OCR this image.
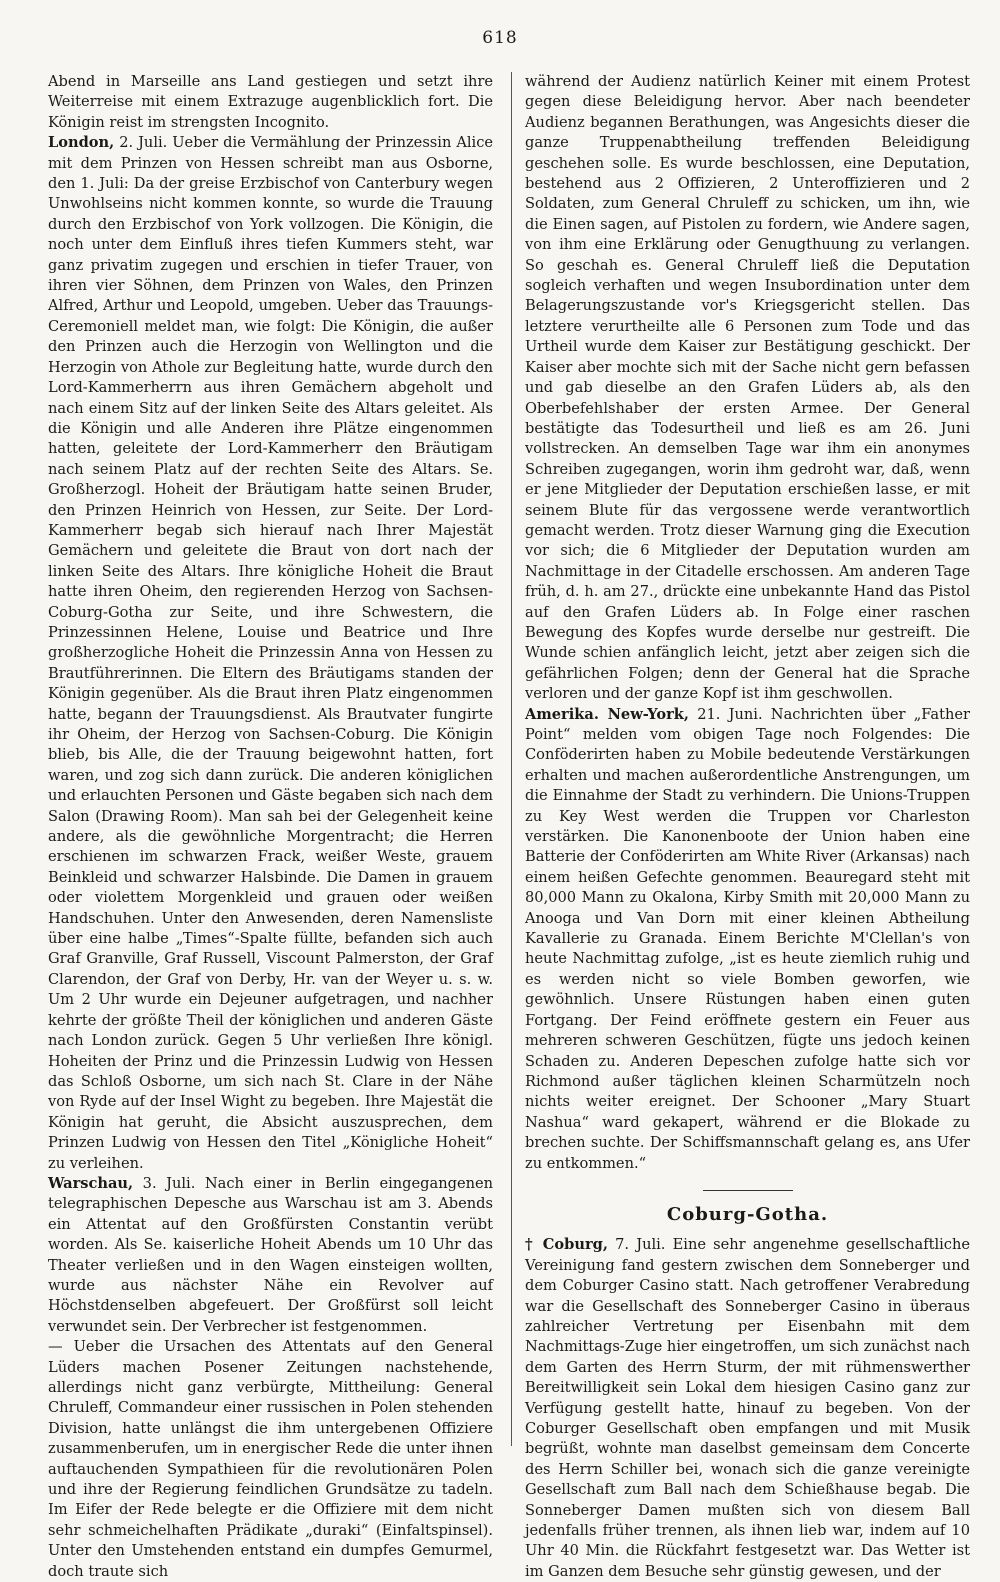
618

Abend in Marseille ans Land gestiegen und setzt ihre Weiterreise mit einem Extrazuge augenblicklich fort. Die Königin reist im strengsten Incognito.

London, 2. Juli. Ueber die Vermählung der Prinzessin Alice mit dem Prinzen von Hessen schreibt man aus Osborne, den 1. Juli: Da der greise Erzbischof von Canterbury wegen Unwohlseins nicht kommen konnte, so wurde die Trauung durch den Erzbischof von York vollzogen. Die Königin, die noch unter dem Einfluß ihres tiefen Kummers steht, war ganz privatim zugegen und erschien in tiefer Trauer, von ihren vier Söhnen, dem Prinzen von Wales, den Prinzen Alfred, Arthur und Leopold, umgeben. Ueber das Trauungs-Ceremoniell meldet man, wie folgt: Die Königin, die außer den Prinzen auch die Herzogin von Wellington und die Herzogin von Athole zur Begleitung hatte, wurde durch den Lord-Kammerherrn aus ihren Gemächern abgeholt und nach einem Sitz auf der linken Seite des Altars geleitet. Als die Königin und alle Anderen ihre Plätze eingenommen hatten, geleitete der Lord-Kammerherr den Bräutigam nach seinem Platz auf der rechten Seite des Altars. Se. Großherzogl. Hoheit der Bräutigam hatte seinen Bruder, den Prinzen Heinrich von Hessen, zur Seite. Der Lord-Kammerherr begab sich hierauf nach Ihrer Majestät Gemächern und geleitete die Braut von dort nach der linken Seite des Altars. Ihre königliche Hoheit die Braut hatte ihren Oheim, den regierenden Herzog von Sachsen-Coburg-Gotha zur Seite, und ihre Schwestern, die Prinzessinnen Helene, Louise und Beatrice und Ihre großherzogliche Hoheit die Prinzessin Anna von Hessen zu Brautführerinnen. Die Eltern des Bräutigams standen der Königin gegenüber. Als die Braut ihren Platz eingenommen hatte, begann der Trauungsdienst. Als Brautvater fungirte ihr Oheim, der Herzog von Sachsen-Coburg. Die Königin blieb, bis Alle, die der Trauung beigewohnt hatten, fort waren, und zog sich dann zurück. Die anderen königlichen und erlauchten Personen und Gäste begaben sich nach dem Salon (Drawing Room). Man sah bei der Gelegenheit keine andere, als die gewöhnliche Morgentracht; die Herren erschienen im schwarzen Frack, weißer Weste, grauem Beinkleid und schwarzer Halsbinde. Die Damen in grauem oder violettem Morgenkleid und grauen oder weißen Handschuhen. Unter den Anwesenden, deren Namensliste über eine halbe „Times“-Spalte füllte, befanden sich auch Graf Granville, Graf Russell, Viscount Palmerston, der Graf Clarendon, der Graf von Derby, Hr. van der Weyer u. s. w. Um 2 Uhr wurde ein Dejeuner aufgetragen, und nachher kehrte der größte Theil der königlichen und anderen Gäste nach London zurück. Gegen 5 Uhr verließen Ihre königl. Hoheiten der Prinz und die Prinzessin Ludwig von Hessen das Schloß Osborne, um sich nach St. Clare in der Nähe von Ryde auf der Insel Wight zu begeben. Ihre Majestät die Königin hat geruht, die Absicht auszusprechen, dem Prinzen Ludwig von Hessen den Titel „Königliche Hoheit“ zu verleihen.

Warschau, 3. Juli. Nach einer in Berlin eingegangenen telegraphischen Depesche aus Warschau ist am 3. Abends ein Attentat auf den Großfürsten Constantin verübt worden. Als Se. kaiserliche Hoheit Abends um 10 Uhr das Theater verließen und in den Wagen einsteigen wollten, wurde aus nächster Nähe ein Revolver auf Höchstdenselben abgefeuert. Der Großfürst soll leicht verwundet sein. Der Verbrecher ist festgenommen.

— Ueber die Ursachen des Attentats auf den General Lüders machen Posener Zeitungen nachstehende, allerdings nicht ganz verbürgte, Mittheilung: General Chruleff, Commandeur einer russischen in Polen stehenden Division, hatte unlängst die ihm untergebenen Offiziere zusammenberufen, um in energischer Rede die unter ihnen auftauchenden Sympathieen für die revolutionären Polen und ihre der Regierung feindlichen Grundsätze zu tadeln. Im Eifer der Rede belegte er die Offiziere mit dem nicht sehr schmeichelhaften Prädikate „duraki“ (Einfaltspinsel). Unter den Umstehenden entstand ein dumpfes Gemurmel, doch traute sich

während der Audienz natürlich Keiner mit einem Protest gegen diese Beleidigung hervor. Aber nach beendeter Audienz begannen Berathungen, was Angesichts dieser die ganze Truppenabtheilung treffenden Beleidigung geschehen solle. Es wurde beschlossen, eine Deputation, bestehend aus 2 Offizieren, 2 Unteroffizieren und 2 Soldaten, zum General Chruleff zu schicken, um ihn, wie die Einen sagen, auf Pistolen zu fordern, wie Andere sagen, von ihm eine Erklärung oder Genugthuung zu verlangen. So geschah es. General Chruleff ließ die Deputation sogleich verhaften und wegen Insubordination unter dem Belagerungszustande vor's Kriegsgericht stellen. Das letztere verurtheilte alle 6 Personen zum Tode und das Urtheil wurde dem Kaiser zur Bestätigung geschickt. Der Kaiser aber mochte sich mit der Sache nicht gern befassen und gab dieselbe an den Grafen Lüders ab, als den Oberbefehlshaber der ersten Armee. Der General bestätigte das Todesurtheil und ließ es am 26. Juni vollstrecken. An demselben Tage war ihm ein anonymes Schreiben zugegangen, worin ihm gedroht war, daß, wenn er jene Mitglieder der Deputation erschießen lasse, er mit seinem Blute für das vergossene werde verantwortlich gemacht werden. Trotz dieser Warnung ging die Execution vor sich; die 6 Mitglieder der Deputation wurden am Nachmittage in der Citadelle erschossen. Am anderen Tage früh, d. h. am 27., drückte eine unbekannte Hand das Pistol auf den Grafen Lüders ab. In Folge einer raschen Bewegung des Kopfes wurde derselbe nur gestreift. Die Wunde schien anfänglich leicht, jetzt aber zeigen sich die gefährlichen Folgen; denn der General hat die Sprache verloren und der ganze Kopf ist ihm geschwollen.

Amerika. New-York, 21. Juni. Nachrichten über „Father Point“ melden vom obigen Tage noch Folgendes: Die Conföderirten haben zu Mobile bedeutende Verstärkungen erhalten und machen außerordentliche Anstrengungen, um die Einnahme der Stadt zu verhindern. Die Unions-Truppen zu Key West werden die Truppen vor Charleston verstärken. Die Kanonenboote der Union haben eine Batterie der Conföderirten am White River (Arkansas) nach einem heißen Gefechte genommen. Beauregard steht mit 80,000 Mann zu Okalona, Kirby Smith mit 20,000 Mann zu Anooga und Van Dorn mit einer kleinen Abtheilung Kavallerie zu Granada. Einem Berichte M'Clellan's von heute Nachmittag zufolge, „ist es heute ziemlich ruhig und es werden nicht so viele Bomben geworfen, wie gewöhnlich. Unsere Rüstungen haben einen guten Fortgang. Der Feind eröffnete gestern ein Feuer aus mehreren schweren Geschützen, fügte uns jedoch keinen Schaden zu. Anderen Depeschen zufolge hatte sich vor Richmond außer täglichen kleinen Scharmützeln noch nichts weiter ereignet. Der Schooner „Mary Stuart Nashua“ ward gekapert, während er die Blokade zu brechen suchte. Der Schiffsmannschaft gelang es, ans Ufer zu entkommen.“

Coburg-Gotha.

† Coburg, 7. Juli. Eine sehr angenehme gesellschaftliche Vereinigung fand gestern zwischen dem Sonneberger und dem Coburger Casino statt. Nach getroffener Verabredung war die Gesellschaft des Sonneberger Casino in überaus zahlreicher Vertretung per Eisenbahn mit dem Nachmittags-Zuge hier eingetroffen, um sich zunächst nach dem Garten des Herrn Sturm, der mit rühmenswerther Bereitwilligkeit sein Lokal dem hiesigen Casino ganz zur Verfügung gestellt hatte, hinauf zu begeben. Von der Coburger Gesellschaft oben empfangen und mit Musik begrüßt, wohnte man daselbst gemeinsam dem Concerte des Herrn Schiller bei, wonach sich die ganze vereinigte Gesellschaft zum Ball nach dem Schießhause begab. Die Sonneberger Damen mußten sich von diesem Ball jedenfalls früher trennen, als ihnen lieb war, indem auf 10 Uhr 40 Min. die Rückfahrt festgesetzt war. Das Wetter ist im Ganzen dem Besuche sehr günstig gewesen, und der
